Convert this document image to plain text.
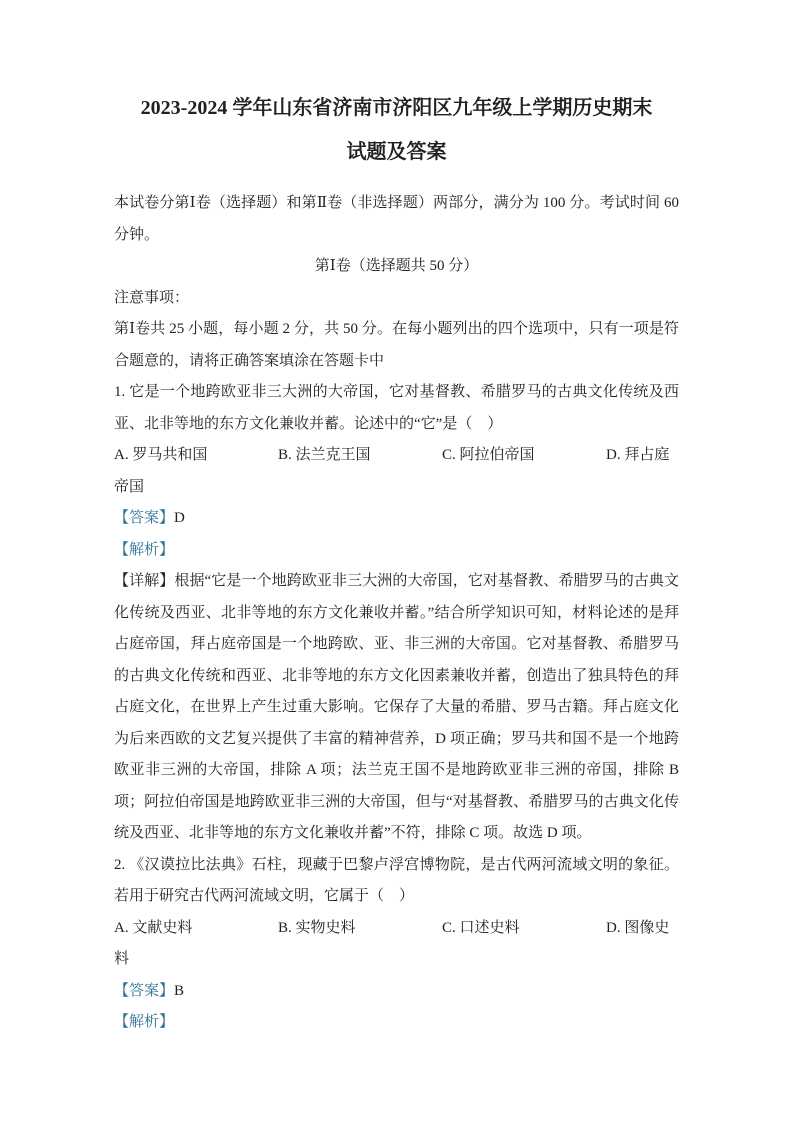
2023-2024 学年山东省济南市济阳区九年级上学期历史期末
试题及答案

本试卷分第Ⅰ卷（选择题）和第Ⅱ卷（非选择题）两部分，满分为 100 分。考试时间 60 分钟。

第Ⅰ卷（选择题共 50 分）

注意事项：

第Ⅰ卷共 25 小题，每小题 2 分，共 50 分。在每小题列出的四个选项中，只有一项是符合题意的，请将正确答案填涂在答题卡中

1. 它是一个地跨欧亚非三大洲的大帝国，它对基督教、希腊罗马的古典文化传统及西亚、北非等地的东方文化兼收并蓄。论述中的“它”是（　）

A. 罗马共和国	B. 法兰克王国	C. 阿拉伯帝国	D. 拜占庭

帝国

【答案】D

【解析】

【详解】根据“它是一个地跨欧亚非三大洲的大帝国，它对基督教、希腊罗马的古典文化传统及西亚、北非等地的东方文化兼收并蓄。”结合所学知识可知，材料论述的是拜占庭帝国，拜占庭帝国是一个地跨欧、亚、非三洲的大帝国。它对基督教、希腊罗马的古典文化传统和西亚、北非等地的东方文化因素兼收并蓄，创造出了独具特色的拜占庭文化，在世界上产生过重大影响。它保存了大量的希腊、罗马古籍。拜占庭文化为后来西欧的文艺复兴提供了丰富的精神营养，D 项正确；罗马共和国不是一个地跨欧亚非三洲的大帝国，排除 A 项；法兰克王国不是地跨欧亚非三洲的帝国，排除 B 项；阿拉伯帝国是地跨欧亚非三洲的大帝国，但与“对基督教、希腊罗马的古典文化传统及西亚、北非等地的东方文化兼收并蓄”不符，排除 C 项。故选 D 项。

2. 《汉谟拉比法典》石柱，现藏于巴黎卢浮宫博物院，是古代两河流域文明的象征。若用于研究古代两河流域文明，它属于（　）

A. 文献史料	B. 实物史料	C. 口述史料	D. 图像史

料

【答案】B

【解析】
